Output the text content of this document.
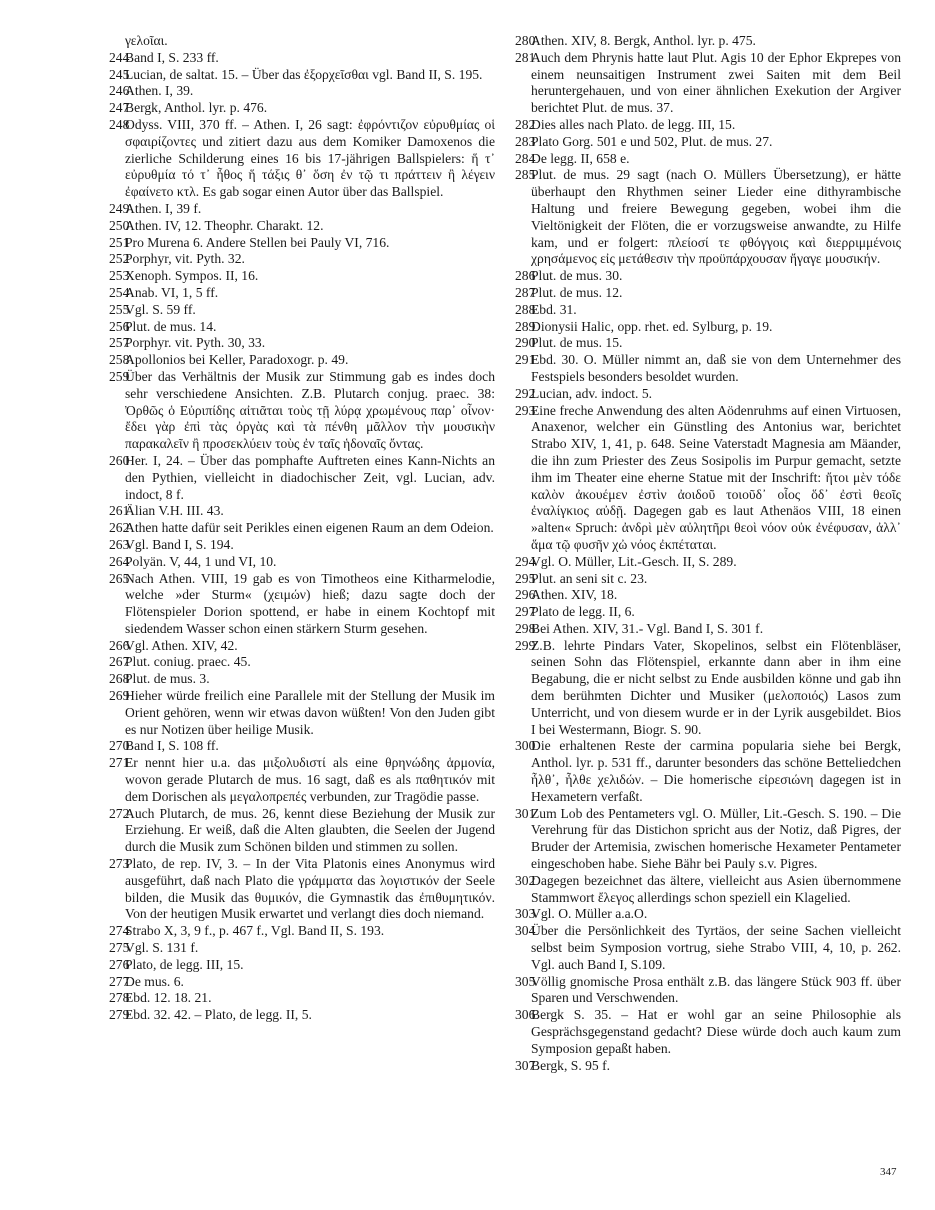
γελοῖαι.

244
Band I, S. 233 ff.

245
Lucian, de saltat. 15. – Über das ἐξορχεῖσθαι vgl. Band II, S. 195.

246
Athen. I, 39.

247
Bergk, Anthol. lyr. p. 476.

248
Odyss. VIII, 370 ff. – Athen. I, 26 sagt: ἐφρόντιζον εὐρυθμίας οἱ σφαιρίζοντες und zitiert dazu aus dem Komiker Damoxenos die zierliche Schilderung eines 16 bis 17-jährigen Ballspielers: ἥ τ᾽ εὐρυθμία τό τ᾽ ἦθος ἥ τάξις θ᾽ ὅση ἐν τῷ τι πράττειν ἢ λέγειν ἐφαίνετο κτλ. Es gab sogar einen Autor über das Ballspiel.

249
Athen. I, 39 f.

250
Athen. IV, 12. Theophr. Charakt. 12.

251
Pro Murena 6. Andere Stellen bei Pauly VI, 716.

252
Porphyr, vit. Pyth. 32.

253
Xenoph. Sympos. II, 16.

254
Anab. VI, 1, 5 ff.

255
Vgl. S. 59 ff.

256
Plut. de mus. 14.

257
Porphyr. vit. Pyth. 30, 33.

258
Apollonios bei Keller, Paradoxogr. p. 49.

259
Über das Verhältnis der Musik zur Stimmung gab es indes doch sehr verschiedene Ansichten. Z.B. Plutarch conjug. praec. 38: Ὀρθῶς ὁ Εὐριπίδης αἰτιᾶται τοὺς τῇ λύρᾳ χρωμένους παρ᾽ οἶνον· ἔδει γὰρ ἐπὶ τὰς ὀργὰς καὶ τὰ πένθη μᾶλλον τὴν μουσικὴν παρακαλεῖν ἢ προσεκλύειν τοὺς ἐν ταῖς ἡδοναῖς ὄντας.

260
Her. I, 24. – Über das pomphafte Auftreten eines Kann-Nichts an den Pythien, vielleicht in diadochischer Zeit, vgl. Lucian, adv. indoct, 8 f.

261
Älian V.H. III. 43.

262
Athen hatte dafür seit Perikles einen eigenen Raum an dem Odeion.

263
Vgl. Band I, S. 194.

264
Polyän. V, 44, 1 und VI, 10.

265
Nach Athen. VIII, 19 gab es von Timotheos eine Kitharmelodie, welche »der Sturm« (χειμών) hieß; dazu sagte doch der Flötenspieler Dorion spottend, er habe in einem Kochtopf mit siedendem Wasser schon einen stärkern Sturm gesehen.

266
Vgl. Athen. XIV, 42.

267
Plut. coniug. praec. 45.

268
Plut. de mus. 3.

269
Hieher würde freilich eine Parallele mit der Stellung der Musik im Orient gehören, wenn wir etwas davon wüßten! Von den Juden gibt es nur Notizen über heilige Musik.

270
Band I, S. 108 ff.

271
Er nennt hier u.a. das μιξολυδιστί als eine θρηνώδης ἁρμονία, wovon gerade Plutarch de mus. 16 sagt, daß es als παθητικόν mit dem Dorischen als μεγαλοπρεπές verbunden, zur Tragödie passe.

272
Auch Plutarch, de mus. 26, kennt diese Beziehung der Musik zur Erziehung. Er weiß, daß die Alten glaubten, die Seelen der Jugend durch die Musik zum Schönen bilden und stimmen zu sollen.

273
Plato, de rep. IV, 3. – In der Vita Platonis eines Anonymus wird ausgeführt, daß nach Plato die γράμματα das λογιστικόν der Seele bilden, die Musik das θυμικόν, die Gymnastik das ἐπιθυμητικόν. Von der heutigen Musik erwartet und verlangt dies doch niemand.

274
Strabo X, 3, 9 f., p. 467 f., Vgl. Band II, S. 193.

275
Vgl. S. 131 f.

276
Plato, de legg. III, 15.

277
De mus. 6.

278
Ebd. 12. 18. 21.

279
Ebd. 32. 42. – Plato, de legg. II, 5.

280
Athen. XIV, 8. Bergk, Anthol. lyr. p. 475.

281
Auch dem Phrynis hatte laut Plut. Agis 10 der Ephor Ekprepes von einem neunsaitigen Instrument zwei Saiten mit dem Beil heruntergehauen, und von einer ähnlichen Exekution der Argiver berichtet Plut. de mus. 37.

282
Dies alles nach Plato. de legg. III, 15.

283
Plato Gorg. 501 e und 502, Plut. de mus. 27.

284
De legg. II, 658 e.

285
Plut. de mus. 29 sagt (nach O. Müllers Übersetzung), er hätte überhaupt den Rhythmen seiner Lieder eine dithyrambische Haltung und freiere Bewegung gegeben, wobei ihm die Vieltönigkeit der Flöten, die er vorzugsweise anwandte, zu Hilfe kam, und er folgert: πλείοσί τε φθόγγοις καὶ διερριμμένοις χρησάμενος εἰς μετάθεσιν τὴν προϋπάρχουσαν ἤγαγε μουσικήν.

286
Plut. de mus. 30.

287
Plut. de mus. 12.

288
Ebd. 31.

289
Dionysii Halic, opp. rhet. ed. Sylburg, p. 19.

290
Plut. de mus. 15.

291
Ebd. 30. O. Müller nimmt an, daß sie von dem Unternehmer des Festspiels besonders besoldet wurden.

292
Lucian, adv. indoct. 5.

293
Eine freche Anwendung des alten Aödenruhms auf einen Virtuosen, Anaxenor, welcher ein Günstling des Antonius war, berichtet Strabo XIV, 1, 41, p. 648. Seine Vaterstadt Magnesia am Mäander, die ihn zum Priester des Zeus Sosipolis im Purpur gemacht, setzte ihm im Theater eine eherne Statue mit der Inschrift: ἤτοι μὲν τόδε καλὸν ἀκουέμεν ἐστὶν ἀοιδοῦ τοιοῦδ᾽ οἷος ὅδ᾽ ἐστὶ θεοῖς ἐναλίγκιος αὐδῇ. Dagegen gab es laut Athenäos VIII, 18 einen »alten« Spruch: ἀνδρὶ μὲν αὐλητῆρι θεοὶ νόον οὐκ ἐνέφυσαν, ἀλλ᾽ ἅμα τῷ φυσῆν χὠ νόος ἐκπέταται.

294
Vgl. O. Müller, Lit.-Gesch. II, S. 289.

295
Plut. an seni sit c. 23.

296
Athen. XIV, 18.

297
Plato de legg. II, 6.

298
Bei Athen. XIV, 31.- Vgl. Band I, S. 301 f.

299
Z.B. lehrte Pindars Vater, Skopelinos, selbst ein Flötenbläser, seinen Sohn das Flötenspiel, erkannte dann aber in ihm eine Begabung, die er nicht selbst zu Ende ausbilden könne und gab ihn dem berühmten Dichter und Musiker (μελοποιός) Lasos zum Unterricht, und von diesem wurde er in der Lyrik ausgebildet. Bios I bei Westermann, Biogr. S. 90.

300
Die erhaltenen Reste der carmina popularia siehe bei Bergk, Anthol. lyr. p. 531 ff., darunter besonders das schöne Betteliedchen ἦλθ᾽, ἦλθε χελιδών. – Die homerische εἰρεσιώνη dagegen ist in Hexametern verfaßt.

301
Zum Lob des Pentameters vgl. O. Müller, Lit.-Gesch. S. 190. – Die Verehrung für das Distichon spricht aus der Notiz, daß Pigres, der Bruder der Artemisia, zwischen homerische Hexameter Pentameter eingeschoben habe. Siehe Bähr bei Pauly s.v. Pigres.

302
Dagegen bezeichnet das ältere, vielleicht aus Asien übernommene Stammwort ἔλεγος allerdings schon speziell ein Klagelied.

303
Vgl. O. Müller a.a.O.

304
Über die Persönlichkeit des Tyrtäos, der seine Sachen vielleicht selbst beim Symposion vortrug, siehe Strabo VIII, 4, 10, p. 262. Vgl. auch Band I, S.109.

305
Völlig gnomische Prosa enthält z.B. das längere Stück 903 ff. über Sparen und Verschwenden.

306
Bergk S. 35. – Hat er wohl gar an seine Philosophie als Gesprächsgegenstand gedacht? Diese würde doch auch kaum zum Symposion gepaßt haben.

307
Bergk, S. 95 f.

347
